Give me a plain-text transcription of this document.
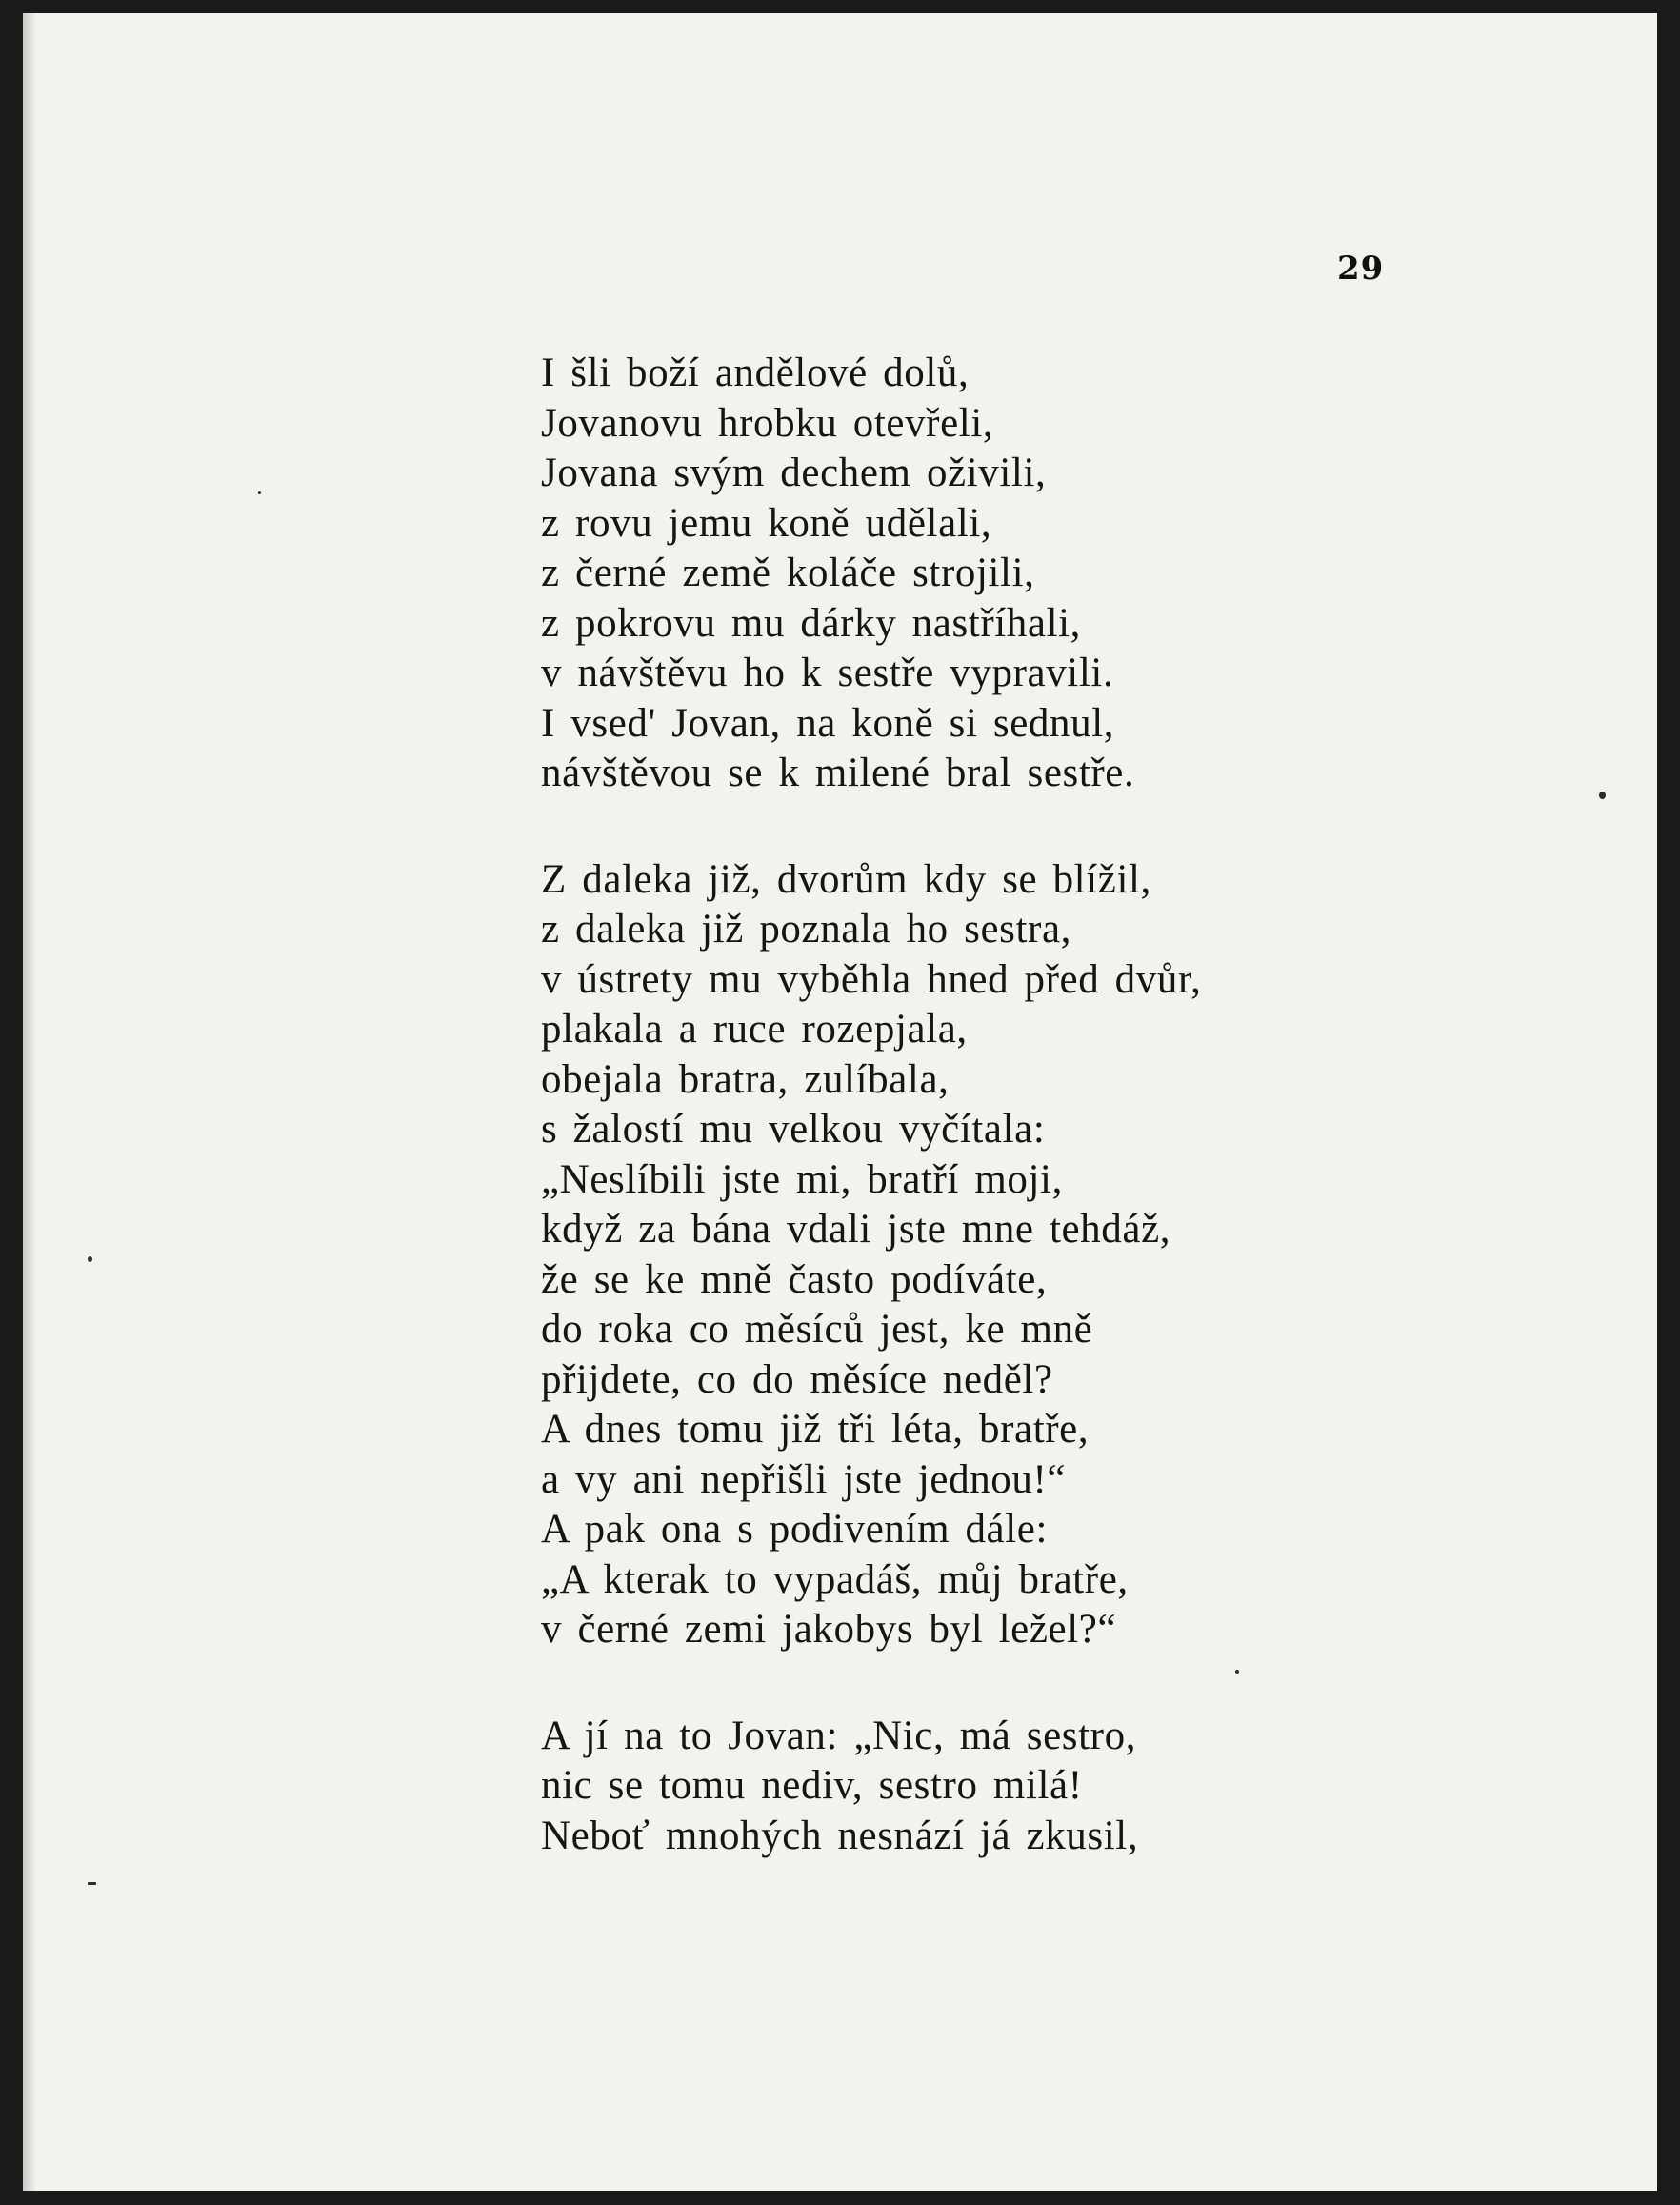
29
I šli boží andělové dolů,
Jovanovu hrobku otevřeli,
Jovana svým dechem oživili,
z rovu jemu koně udělali,
z černé země koláče strojili,
z pokrovu mu dárky nastříhali,
v návštěvu ho k sestře vypravili.
I vsed' Jovan, na koně si sednul,
návštěvou se k milené bral sestře.
Z daleka již, dvorům kdy se blížil,
z daleka již poznala ho sestra,
v ústrety mu vyběhla hned před dvůr,
plakala a ruce rozepjala,
obejala bratra, zulíbala,
s žalostí mu velkou vyčítala:
„Neslíbili jste mi, bratří moji,
když za bána vdali jste mne tehdáž,
že se ke mně často podíváte,
do roka co měsíců jest, ke mně
přijdete, co do měsíce neděl?
A dnes tomu již tři léta, bratře,
a vy ani nepřišli jste jednou!“
A pak ona s podivením dále:
„A kterak to vypadáš, můj bratře,
v černé zemi jakobys byl ležel?“
A jí na to Jovan: „Nic, má sestro,
nic se tomu nediv, sestro milá!
Neboť mnohých nesnází já zkusil,
